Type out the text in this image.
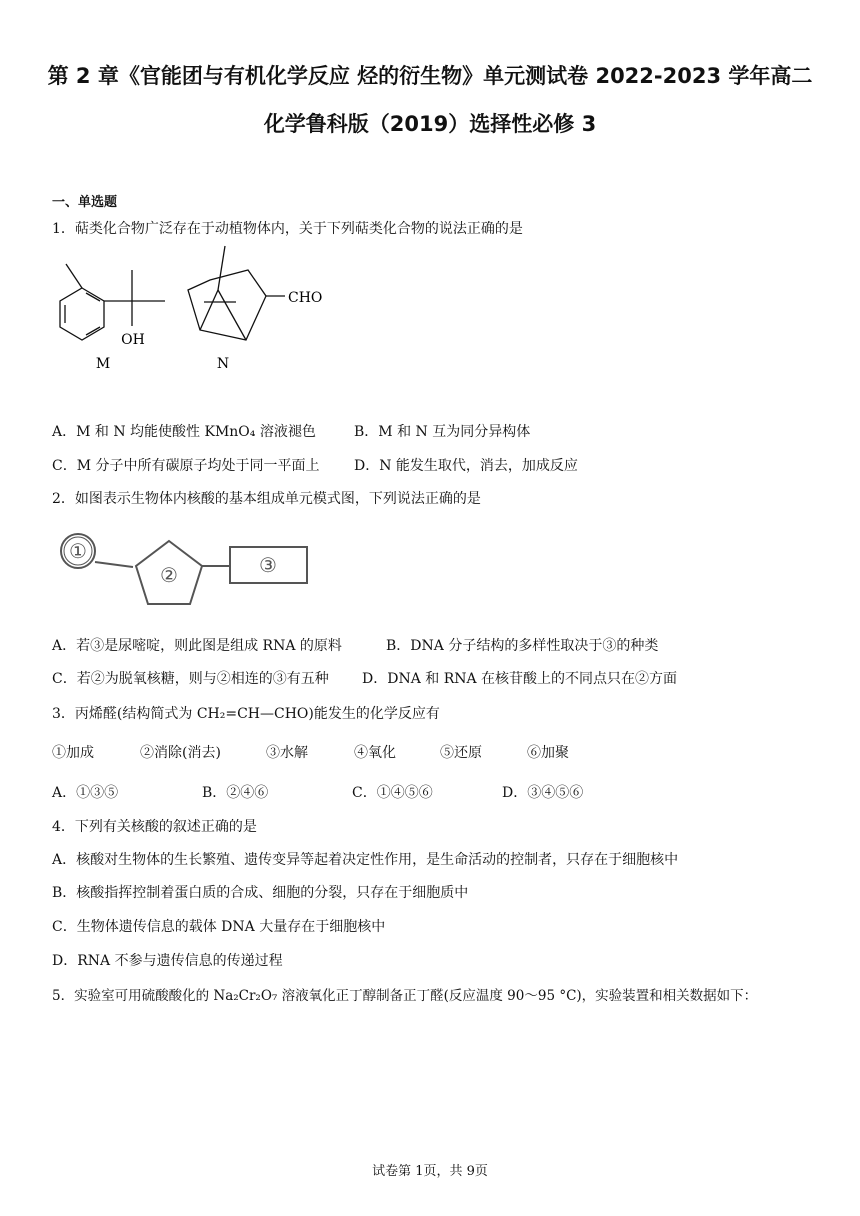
第 2 章《官能团与有机化学反应 烃的衍生物》单元测试卷 2022-2023 学年高二
化学鲁科版（2019）选择性必修 3
一、单选题
1．萜类化合物广泛存在于动植物体内，关于下列萜类化合物的说法正确的是
OH
CHO
M	N
A．M 和 N 均能使酸性 KMnO₄ 溶液褪色	B．M 和 N 互为同分异构体
C．M 分子中所有碳原子均处于同一平面上 D．N 能发生取代，消去，加成反应
2．如图表示生物体内核酸的基本组成单元模式图，下列说法正确的是
①
②	③
A．若③是尿嘧啶，则此图是组成 RNA 的原料	B．DNA 分子结构的多样性取决于③的种类
C．若②为脱氧核糖，则与②相连的③有五种 D．DNA 和 RNA 在核苷酸上的不同点只在②方面
3．丙烯醛(结构简式为 CH₂=CH—CHO)能发生的化学反应有
①加成	②消除(消去)	③水解	④氧化	⑤还原	⑥加聚
A．①③⑤	B．②④⑥	C．①④⑤⑥	D．③④⑤⑥
4．下列有关核酸的叙述正确的是
A．核酸对生物体的生长繁殖、遗传变异等起着决定性作用，是生命活动的控制者，只存在于细胞核中
B．核酸指挥控制着蛋白质的合成、细胞的分裂，只存在于细胞质中
C．生物体遗传信息的载体 DNA 大量存在于细胞核中
D．RNA 不参与遗传信息的传递过程
5．实验室可用硫酸酸化的 Na₂Cr₂O₇ 溶液氧化正丁醇制备正丁醛(反应温度 90～95 °C)，实验装置和相关数据如下：
试卷第 1页，共 9页
